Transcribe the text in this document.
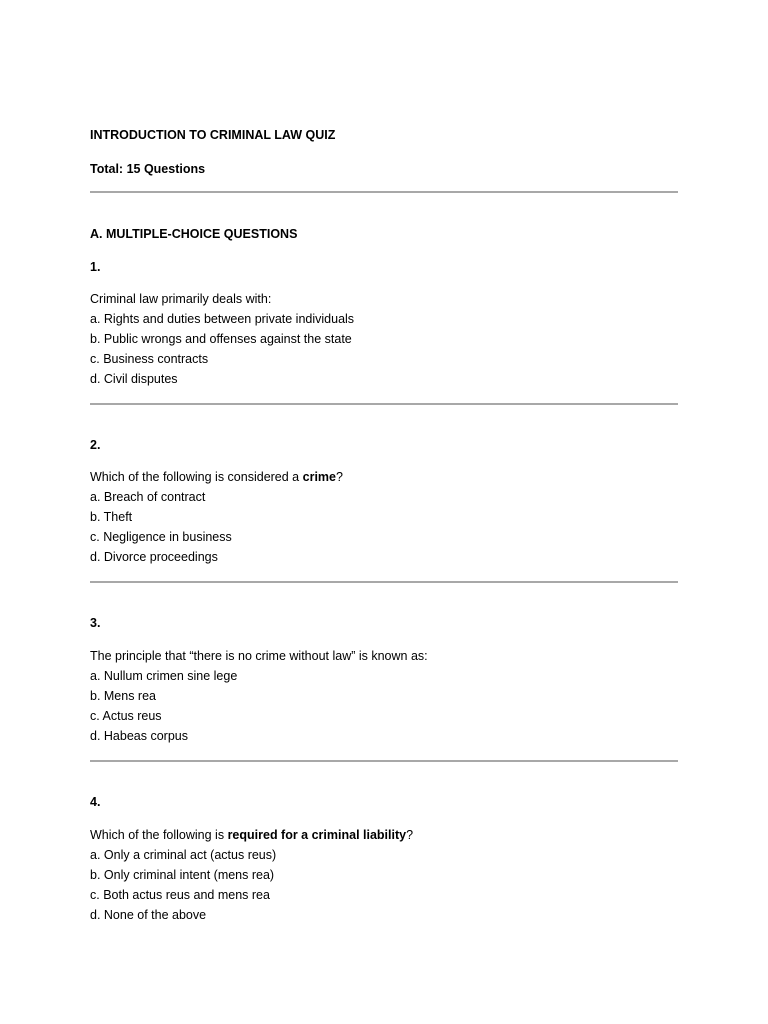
INTRODUCTION TO CRIMINAL LAW QUIZ
Total: 15 Questions
A. MULTIPLE-CHOICE QUESTIONS
1.
Criminal law primarily deals with:
a. Rights and duties between private individuals
b. Public wrongs and offenses against the state
c. Business contracts
d. Civil disputes
2.
Which of the following is considered a crime?
a. Breach of contract
b. Theft
c. Negligence in business
d. Divorce proceedings
3.
The principle that “there is no crime without law” is known as:
a. Nullum crimen sine lege
b. Mens rea
c. Actus reus
d. Habeas corpus
4.
Which of the following is required for a criminal liability?
a. Only a criminal act (actus reus)
b. Only criminal intent (mens rea)
c. Both actus reus and mens rea
d. None of the above
